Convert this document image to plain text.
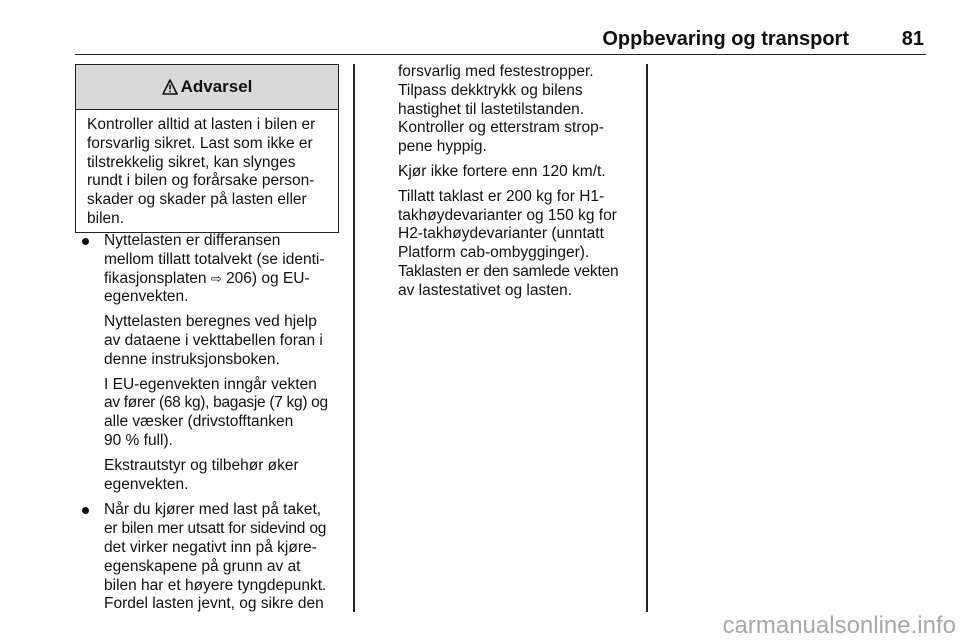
Oppbevaring og transport	81
Advarsel
Kontroller alltid at lasten i bilen er
forsvarlig sikret. Last som ikke er
tilstrekkelig sikret, kan slynges
rundt i bilen og forårsake person-
skader og skader på lasten eller
bilen.
Nyttelasten er differansen
mellom tillatt totalvekt (se identi-
fikasjonsplaten ⇨ 206) og EU-
egenvekten.
Nyttelasten beregnes ved hjelp
av dataene i vekttabellen foran i
denne instruksjonsboken.
I EU-egenvekten inngår vekten
av fører (68 kg), bagasje (7 kg) og
alle væsker (drivstofftanken
90 % full).
Ekstrautstyr og tilbehør øker
egenvekten.
Når du kjører med last på taket,
er bilen mer utsatt for sidevind og
det virker negativt inn på kjøre-
egenskapene på grunn av at
bilen har et høyere tyngdepunkt.
Fordel lasten jevnt, og sikre den
forsvarlig med festestropper.
Tilpass dekktrykk og bilens
hastighet til lastetilstanden.
Kontroller og etterstram strop-
pene hyppig.
Kjør ikke fortere enn 120 km/t.
Tillatt taklast er 200 kg for H1-
takhøydevarianter og 150 kg for
H2-takhøydevarianter (unntatt
Platform cab-ombygginger).
Taklasten er den samlede vekten
av lastestativet og lasten.
carmanualsonline.info
